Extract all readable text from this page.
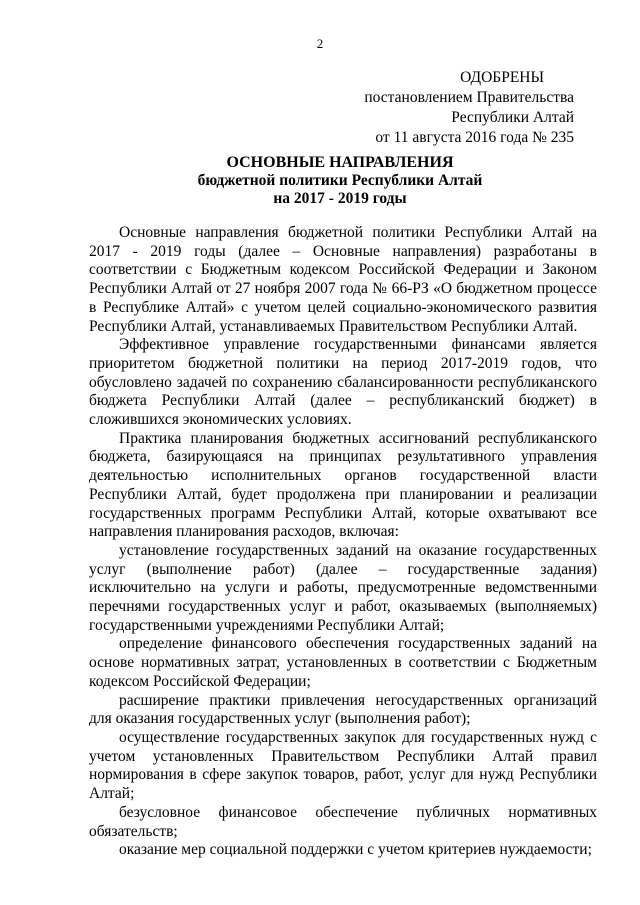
2
ОДОБРЕНЫ
постановлением Правительства
Республики Алтай
от 11 августа 2016 года № 235
ОСНОВНЫЕ НАПРАВЛЕНИЯ
бюджетной политики Республики Алтай
на 2017 - 2019 годы

Основные направления бюджетной политики Республики Алтай на 2017 - 2019 годы (далее – Основные направления) разработаны в соответствии с Бюджетным кодексом Российской Федерации и Законом Республики Алтай от 27 ноября 2007 года № 66-РЗ «О бюджетном процессе в Республике Алтай» с учетом целей социально-экономического развития Республики Алтай, устанавливаемых Правительством Республики Алтай.

Эффективное управление государственными финансами является приоритетом бюджетной политики на период 2017-2019 годов, что обусловлено задачей по сохранению сбалансированности республиканского бюджета Республики Алтай (далее – республиканский бюджет) в сложившихся экономических условиях.

Практика планирования бюджетных ассигнований республиканского бюджета, базирующаяся на принципах результативного управления деятельностью исполнительных органов государственной власти Республики Алтай, будет продолжена при планировании и реализации государственных программ Республики Алтай, которые охватывают все направления планирования расходов, включая:

установление государственных заданий на оказание государственных услуг (выполнение работ) (далее – государственные задания) исключительно на услуги и работы, предусмотренные ведомственными перечнями государственных услуг и работ, оказываемых (выполняемых) государственными учреждениями Республики Алтай;

определение финансового обеспечения государственных заданий на основе нормативных затрат, установленных в соответствии с Бюджетным кодексом Российской Федерации;

расширение практики привлечения негосударственных организаций для оказания государственных услуг (выполнения работ);

осуществление государственных закупок для государственных нужд с учетом установленных Правительством Республики Алтай правил нормирования в сфере закупок товаров, работ, услуг для нужд Республики Алтай;

безусловное финансовое обеспечение публичных нормативных обязательств;

оказание мер социальной поддержки с учетом критериев нуждаемости;
